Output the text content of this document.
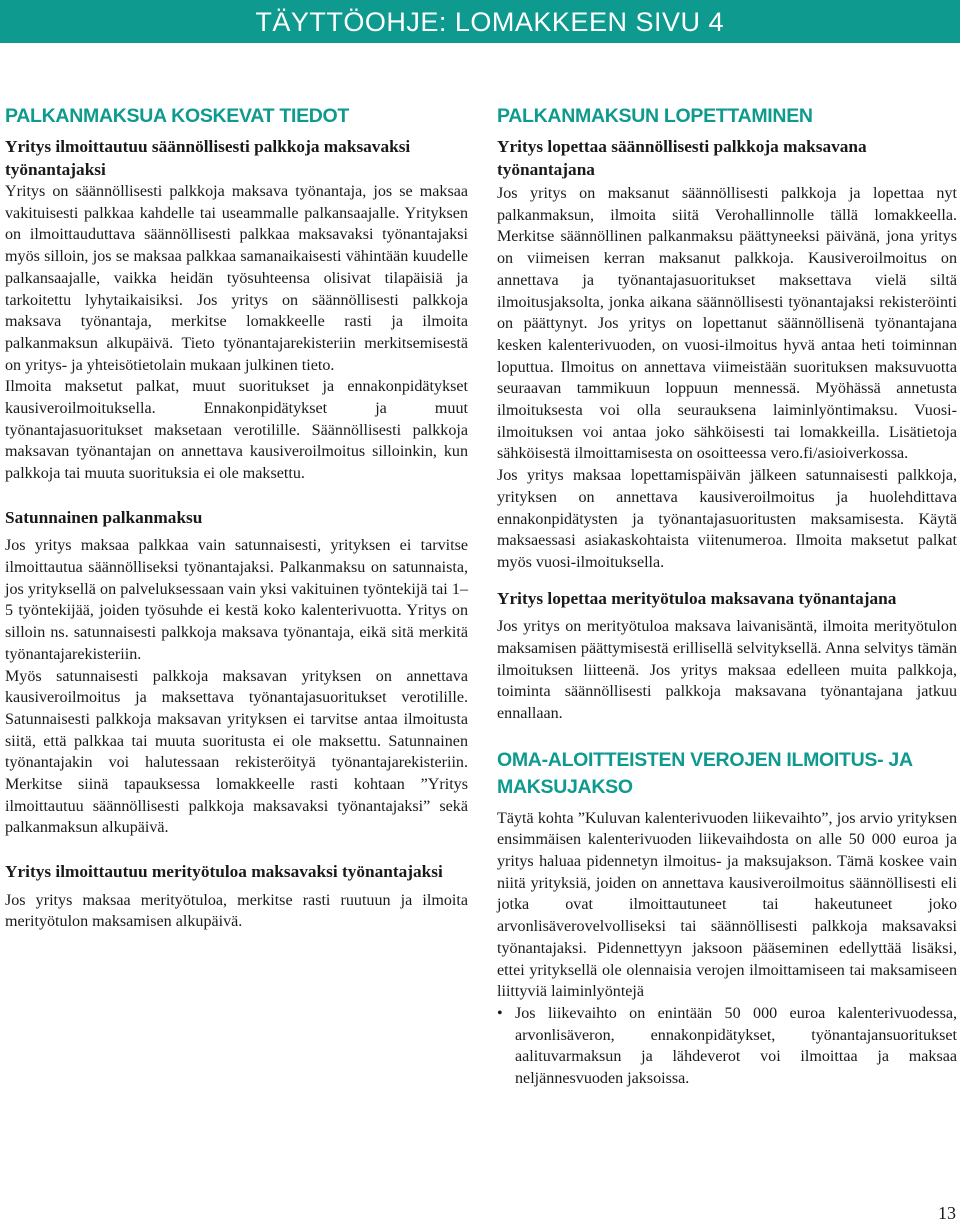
TÄYTTÖOHJE: LOMAKKEEN SIVU 4
PALKANMAKSUA KOSKEVAT TIEDOT
Yritys ilmoittautuu säännöllisesti palkkoja maksavaksi työnantajaksi

Yritys on säännöllisesti palkkoja maksava työnantaja, jos se maksaa vakituisesti palkkaa kahdelle tai useammalle palkansaajalle. Yrityksen on ilmoittauduttava säännöllisesti palkkaa maksavaksi työnantajaksi myös silloin, jos se maksaa palkkaa samanaikaisesti vähintään kuudelle palkansaajalle, vaikka heidän työsuhteensa olisivat tilapäisiä ja tarkoitettu lyhytaikaisiksi. Jos yritys on säännöllisesti palkkoja maksava työnantaja, merkitse lomakkeelle rasti ja ilmoita palkanmaksun alkupäivä. Tieto työnantajarekisteriin merkitsemisestä on yritys- ja yhteisötietolain mukaan julkinen tieto.

Ilmoita maksetut palkat, muut suoritukset ja ennakonpidätykset kausiveroilmoituksella. Ennakonpidätykset ja muut työnantajasuoritukset maksetaan verotilille. Säännöllisesti palkkoja maksavan työnantajan on annettava kausiveroilmoitus silloinkin, kun palkkoja tai muuta suorituksia ei ole maksettu.

Satunnainen palkanmaksu

Jos yritys maksaa palkkaa vain satunnaisesti, yrityksen ei tarvitse ilmoittautua säännölliseksi työnantajaksi. Palkanmaksu on satunnaista, jos yrityksellä on palveluksessaan vain yksi vakituinen työntekijä tai 1–5 työntekijää, joiden työsuhde ei kestä koko kalenterivuotta. Yritys on silloin ns. satunnaisesti palkkoja maksava työnantaja, eikä sitä merkitä työnantajarekisteriin.

Myös satunnaisesti palkkoja maksavan yrityksen on annettava kausiveroilmoitus ja maksettava työnantajasuoritukset verotilille. Satunnaisesti palkkoja maksavan yrityksen ei tarvitse antaa ilmoitusta siitä, että palkkaa tai muuta suoritusta ei ole maksettu. Satunnainen työnantajakin voi halutessaan rekisteröityä työnantajarekisteriin. Merkitse siinä tapauksessa lomakkeelle rasti kohtaan ”Yritys ilmoittautuu säännöllisesti palkkoja maksavaksi työnantajaksi” sekä palkanmaksun alkupäivä.

Yritys ilmoittautuu merityötuloa maksavaksi työnantajaksi

Jos yritys maksaa merityötuloa, merkitse rasti ruutuun ja ilmoita merityötulon maksamisen alkupäivä.

PALKANMAKSUN LOPETTAMINEN
Yritys lopettaa säännöllisesti palkkoja maksavana työnantajana

Jos yritys on maksanut säännöllisesti palkkoja ja lopettaa nyt palkanmaksun, ilmoita siitä Verohallinnolle tällä lomakkeella. Merkitse säännöllinen palkanmaksu päättyneeksi päivänä, jona yritys on viimeisen kerran maksanut palkkoja. Kausiveroilmoitus on annettava ja työnantajasuoritukset maksettava vielä siltä ilmoitusjaksolta, jonka aikana säännöllisesti työnantajaksi rekisteröinti on päättynyt. Jos yritys on lopettanut säännöllisenä työnantajana kesken kalenterivuoden, on vuosi-ilmoitus hyvä antaa heti toiminnan loputtua. Ilmoitus on annettava viimeistään suorituksen maksuvuotta seuraavan tammikuun loppuun mennessä. Myöhässä annetusta ilmoituksesta voi olla seurauksena laiminlyöntimaksu. Vuosi-ilmoituksen voi antaa joko sähköisesti tai lomakkeilla. Lisätietoja sähköisestä ilmoittamisesta on osoitteessa vero.fi/asioiverkossa.

Jos yritys maksaa lopettamispäivän jälkeen satunnaisesti palkkoja, yrityksen on annettava kausiveroilmoitus ja huolehdittava ennakonpidätysten ja työnantajasuoritusten maksamisesta. Käytä maksaessasi asiakaskohtaista viitenumeroa. Ilmoita maksetut palkat myös vuosi-ilmoituksella.

Yritys lopettaa merityötuloa maksavana työnantajana

Jos yritys on merityötuloa maksava laivanisäntä, ilmoita merityötulon maksamisen päättymisestä erillisellä selvityksellä. Anna selvitys tämän ilmoituksen liitteenä. Jos yritys maksaa edelleen muita palkkoja, toiminta säännöllisesti palkkoja maksavana työnantajana jatkuu ennallaan.

OMA-ALOITTEISTEN VEROJEN ILMOITUS- JA MAKSUJAKSO

Täytä kohta ”Kuluvan kalenterivuoden liikevaihto”, jos arvio yrityksen ensimmäisen kalenterivuoden liikevaihdosta on alle 50 000 euroa ja yritys haluaa pidennetyn ilmoitus- ja maksujakson. Tämä koskee vain niitä yrityksiä, joiden on annettava kausiveroilmoitus säännöllisesti eli jotka ovat ilmoittautuneet tai hakeutuneet joko arvonlisäverovelvolliseksi tai säännöllisesti palkkoja maksavaksi työnantajaksi. Pidennettyyn jaksoon pääseminen edellyttää lisäksi, ettei yrityksellä ole olennaisia verojen ilmoittamiseen tai maksamiseen liittyviä laiminlyöntejä

• Jos liikevaihto on enintään 50 000 euroa kalenterivuodessa, arvonlisäveron, ennakonpidätykset, työnantajansuoritukset aalituvarmaksun ja lähdeverot voi ilmoittaa ja maksaa neljännesvuoden jaksoissa.
13
